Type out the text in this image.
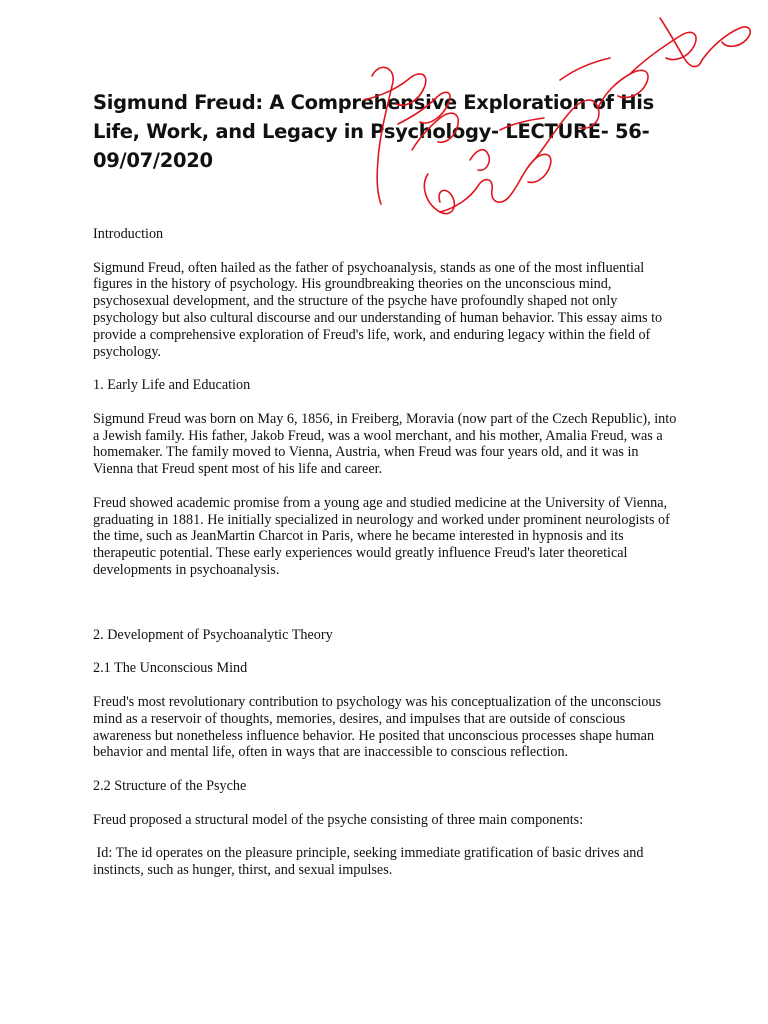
Sigmund Freud: A Comprehensive Exploration of His Life, Work, and Legacy in Psychology- LECTURE- 56- 09/07/2020

Introduction

Sigmund Freud, often hailed as the father of psychoanalysis, stands as one of the most influential figures in the history of psychology. His groundbreaking theories on the unconscious mind, psychosexual development, and the structure of the psyche have profoundly shaped not only psychology but also cultural discourse and our understanding of human behavior. This essay aims to provide a comprehensive exploration of Freud's life, work, and enduring legacy within the field of psychology.

1. Early Life and Education

Sigmund Freud was born on May 6, 1856, in Freiberg, Moravia (now part of the Czech Republic), into a Jewish family. His father, Jakob Freud, was a wool merchant, and his mother, Amalia Freud, was a homemaker. The family moved to Vienna, Austria, when Freud was four years old, and it was in Vienna that Freud spent most of his life and career.

Freud showed academic promise from a young age and studied medicine at the University of Vienna, graduating in 1881. He initially specialized in neurology and worked under prominent neurologists of the time, such as JeanMartin Charcot in Paris, where he became interested in hypnosis and its therapeutic potential. These early experiences would greatly influence Freud's later theoretical developments in psychoanalysis.

2. Development of Psychoanalytic Theory

2.1 The Unconscious Mind

Freud's most revolutionary contribution to psychology was his conceptualization of the unconscious mind as a reservoir of thoughts, memories, desires, and impulses that are outside of conscious awareness but nonetheless influence behavior. He posited that unconscious processes shape human behavior and mental life, often in ways that are inaccessible to conscious reflection.

2.2 Structure of the Psyche

Freud proposed a structural model of the psyche consisting of three main components:

Id: The id operates on the pleasure principle, seeking immediate gratification of basic drives and instincts, such as hunger, thirst, and sexual impulses.
